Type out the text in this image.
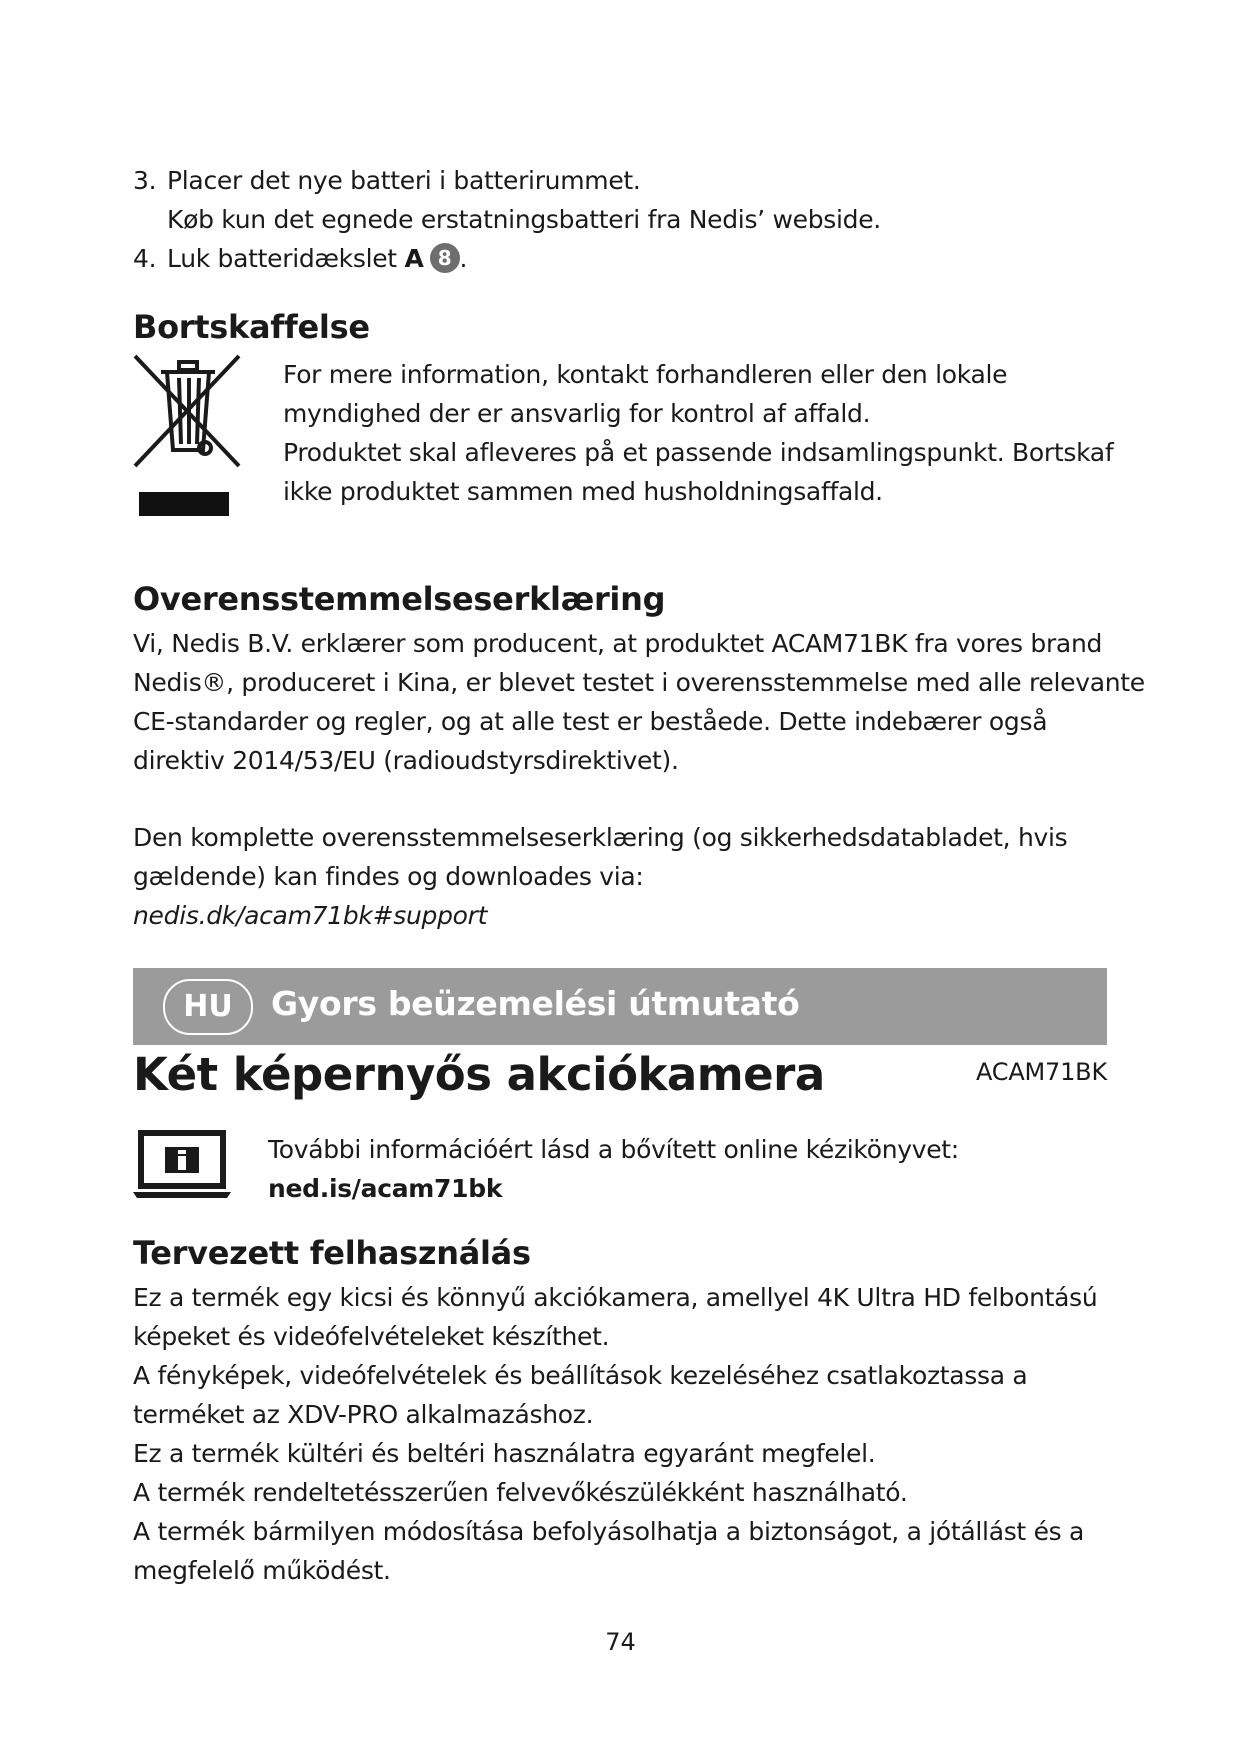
3. Placer det nye batteri i batterirummet.
Køb kun det egnede erstatningsbatteri fra Nedis’ webside.
4. Luk batteridækslet A 8 .
Bortskaffelse
For mere information, kontakt forhandleren eller den lokale
myndighed der er ansvarlig for kontrol af affald.
Produktet skal afleveres på et passende indsamlingspunkt. Bortskaf
ikke produktet sammen med husholdningsaffald.
Overensstemmelseserklæring
Vi, Nedis B.V. erklærer som producent, at produktet ACAM71BK fra vores brand
Nedis®, produceret i Kina, er blevet testet i overensstemmelse med alle relevante
CE-standarder og regler, og at alle test er beståede. Dette indebærer også
direktiv 2014/53/EU (radioudstyrsdirektivet).
Den komplette overensstemmelseserklæring (og sikkerhedsdatabladet, hvis
gældende) kan findes og downloades via:
nedis.dk/acam71bk#support
HU	Gyors beüzemelési útmutató
Két képernyős akciókamera	ACAM71BK
További információért lásd a bővített online kézikönyvet:
ned.is/acam71bk
Tervezett felhasználás
Ez a termék egy kicsi és könnyű akciókamera, amellyel 4K Ultra HD felbontású
képeket és videófelvételeket készíthet.
A fényképek, videófelvételek és beállítások kezeléséhez csatlakoztassa a
terméket az XDV-PRO alkalmazáshoz.
Ez a termék kültéri és beltéri használatra egyaránt megfelel.
A termék rendeltetésszerűen felvevőkészülékként használható.
A termék bármilyen módosítása befolyásolhatja a biztonságot, a jótállást és a
megfelelő működést.
74
